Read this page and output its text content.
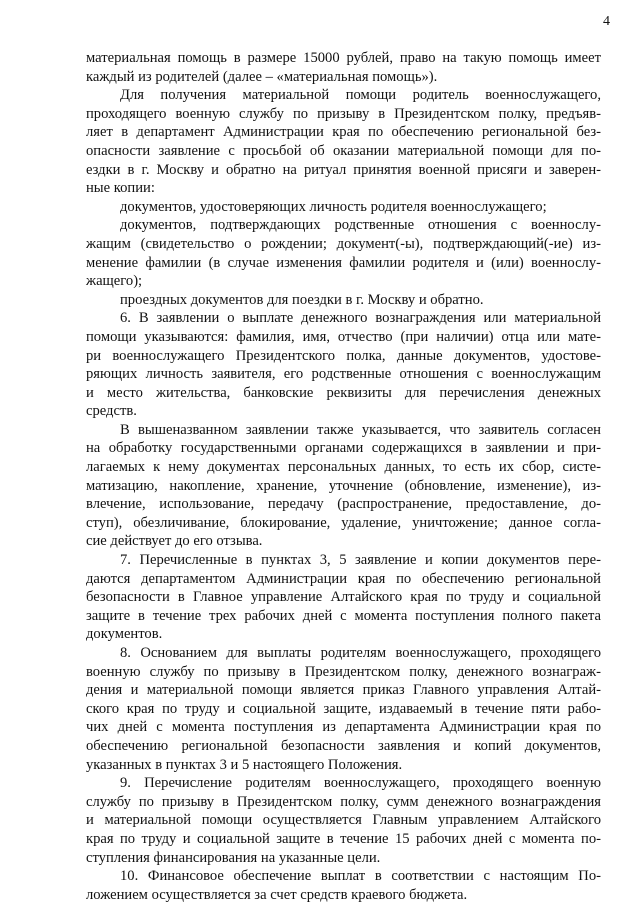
4
материальная помощь в размере 15000 рублей, право на такую помощь имеет
каждый из родителей (далее – «материальная помощь»).
Для получения материальной помощи родитель военнослужащего,
проходящего военную службу по призыву в Президентском полку, предъяв-
ляет в департамент Администрации края по обеспечению региональной без-
опасности заявление с просьбой об оказании материальной помощи для по-
ездки в г. Москву и обратно на ритуал принятия военной присяги и заверен-
ные копии:
документов, удостоверяющих личность родителя военнослужащего;
документов, подтверждающих родственные отношения с военнослу-
жащим (свидетельство о рождении; документ(-ы), подтверждающий(-ие) из-
менение фамилии (в случае изменения фамилии родителя и (или) военнослу-
жащего);
проездных документов для поездки в г. Москву и обратно.
6. В заявлении о выплате денежного вознаграждения или материальной
помощи указываются: фамилия, имя, отчество (при наличии) отца или мате-
ри военнослужащего Президентского полка, данные документов, удостове-
ряющих личность заявителя, его родственные отношения с военнослужащим
и место жительства, банковские реквизиты для перечисления денежных
средств.
В вышеназванном заявлении также указывается, что заявитель согласен
на обработку государственными органами содержащихся в заявлении и при-
лагаемых к нему документах персональных данных, то есть их сбор, систе-
матизацию, накопление, хранение, уточнение (обновление, изменение), из-
влечение, использование, передачу (распространение, предоставление, до-
ступ), обезличивание, блокирование, удаление, уничтожение; данное согла-
сие действует до его отзыва.
7. Перечисленные в пунктах 3, 5 заявление и копии документов пере-
даются департаментом Администрации края по обеспечению региональной
безопасности в Главное управление Алтайского края по труду и социальной
защите в течение трех рабочих дней с момента поступления полного пакета
документов.
8. Основанием для выплаты родителям военнослужащего, проходящего
военную службу по призыву в Президентском полку, денежного вознаграж-
дения и материальной помощи является приказ Главного управления Алтай-
ского края по труду и социальной защите, издаваемый в течение пяти рабо-
чих дней с момента поступления из департамента Администрации края по
обеспечению региональной безопасности заявления и копий документов,
указанных в пунктах 3 и 5 настоящего Положения.
9. Перечисление родителям военнослужащего, проходящего военную
службу по призыву в Президентском полку, сумм денежного вознаграждения
и материальной помощи осуществляется Главным управлением Алтайского
края по труду и социальной защите в течение 15 рабочих дней с момента по-
ступления финансирования на указанные цели.
10. Финансовое обеспечение выплат в соответствии с настоящим По-
ложением осуществляется за счет средств краевого бюджета.
